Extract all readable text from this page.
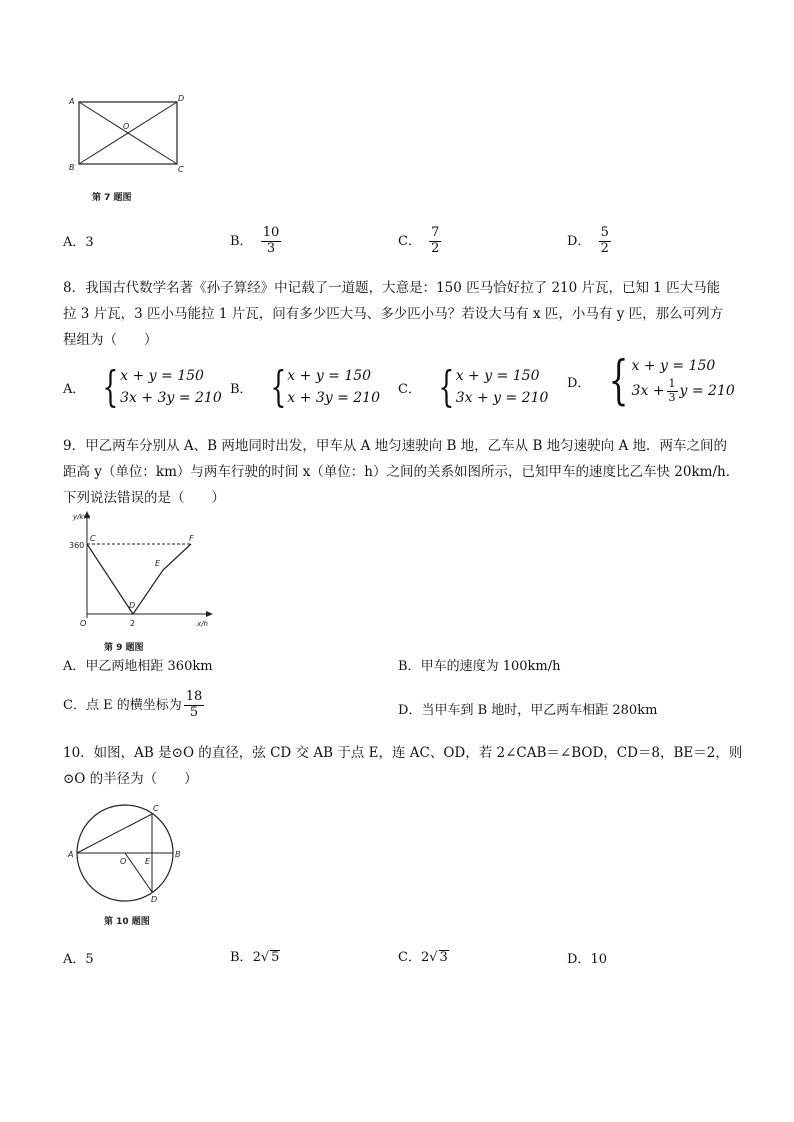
A
B	C
D
O
第 7 题图
A．3	B． $\frac{10}{3}$	C． $\frac{7}{2}$	D． $\frac{5}{2}$
8．我国古代数学名著《孙子算经》中记载了一道题，大意是：150 匹马恰好拉了 210 片瓦，已知 1 匹大马能
拉 3 片瓦，3 匹小马能拉 1 片瓦，问有多少匹大马、多少匹小马？若设大马有 x 匹，小马有 y 匹，那么可列方
程组为（　　）
A． { x + y = 150
3x + 3y = 210
B． { x + y = 150
x + 3y = 210
C． { x + y = 150
3x + y = 210
D． { x + y = 150
$3x + \frac{1}{3}$ y = 210
9．甲乙两车分别从 A、B 两地同时出发，甲车从 A 地匀速驶向 B 地，乙车从 B 地匀速驶向 A 地．两车之间的
距高 y（单位：km）与两车行驶的时间 x（单位：h）之间的关系如图所示，已知甲车的速度比乙车快 20km/h．
下列说法错误的是（　　）
y/km
x/h
360
2
O
C
D
E
F
第 9 题图
A．甲乙两地相距 360km	B．甲车的速度为 100km/h
C． 点 E 的横坐标为 $\frac{18}{5}$	D．当甲车到 B 地时，甲乙两车相距 280km
10．如图，AB 是⊙O 的直径，弦 CD 交 AB 于点 E，连 AC、OD，若 2∠CAB＝∠BOD，CD＝8，BE＝2，则
⊙O 的半径为（　　）
A	B
C
D
E
O
第 10 题图
A．5	B．2√ 5	C．2√ 3	D．10
